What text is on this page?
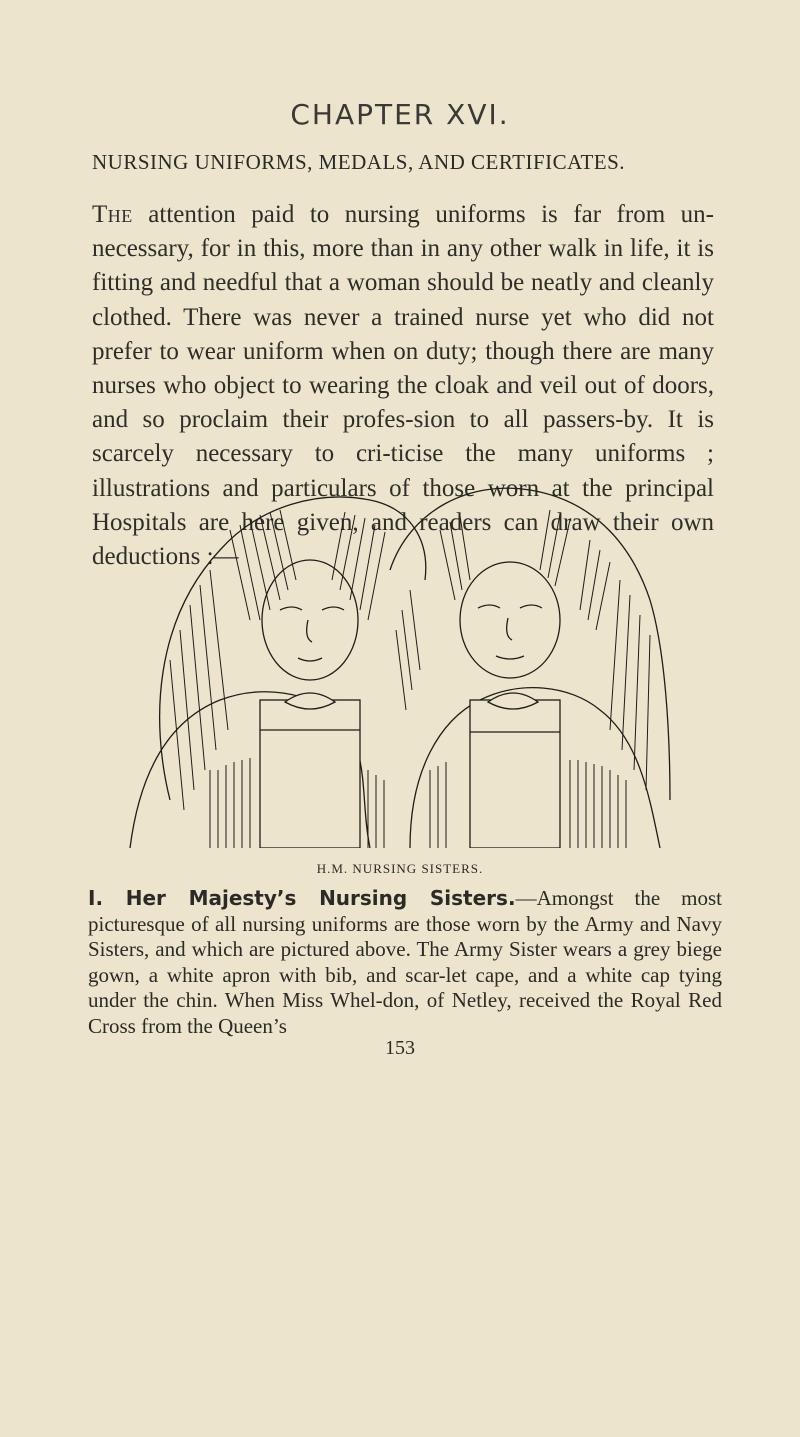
CHAPTER XVI.
NURSING UNIFORMS, MEDALS, AND CERTIFICATES.
The attention paid to nursing uniforms is far from un-necessary, for in this, more than in any other walk in life, it is fitting and needful that a woman should be neatly and cleanly clothed. There was never a trained nurse yet who did not prefer to wear uniform when on duty; though there are many nurses who object to wearing the cloak and veil out of doors, and so proclaim their profes-sion to all passers-by. It is scarcely necessary to cri-ticise the many uniforms ; illustrations and particulars of those worn at the principal Hospitals are here given, and readers can draw their own deductions :—
H.M. NURSING SISTERS.
I. Her Majesty’s Nursing Sisters.—Amongst the most picturesque of all nursing uniforms are those worn by the Army and Navy Sisters, and which are pictured above. The Army Sister wears a grey biege gown, a white apron with bib, and scar-let cape, and a white cap tying under the chin. When Miss Whel-don, of Netley, received the Royal Red Cross from the Queen’s
153
